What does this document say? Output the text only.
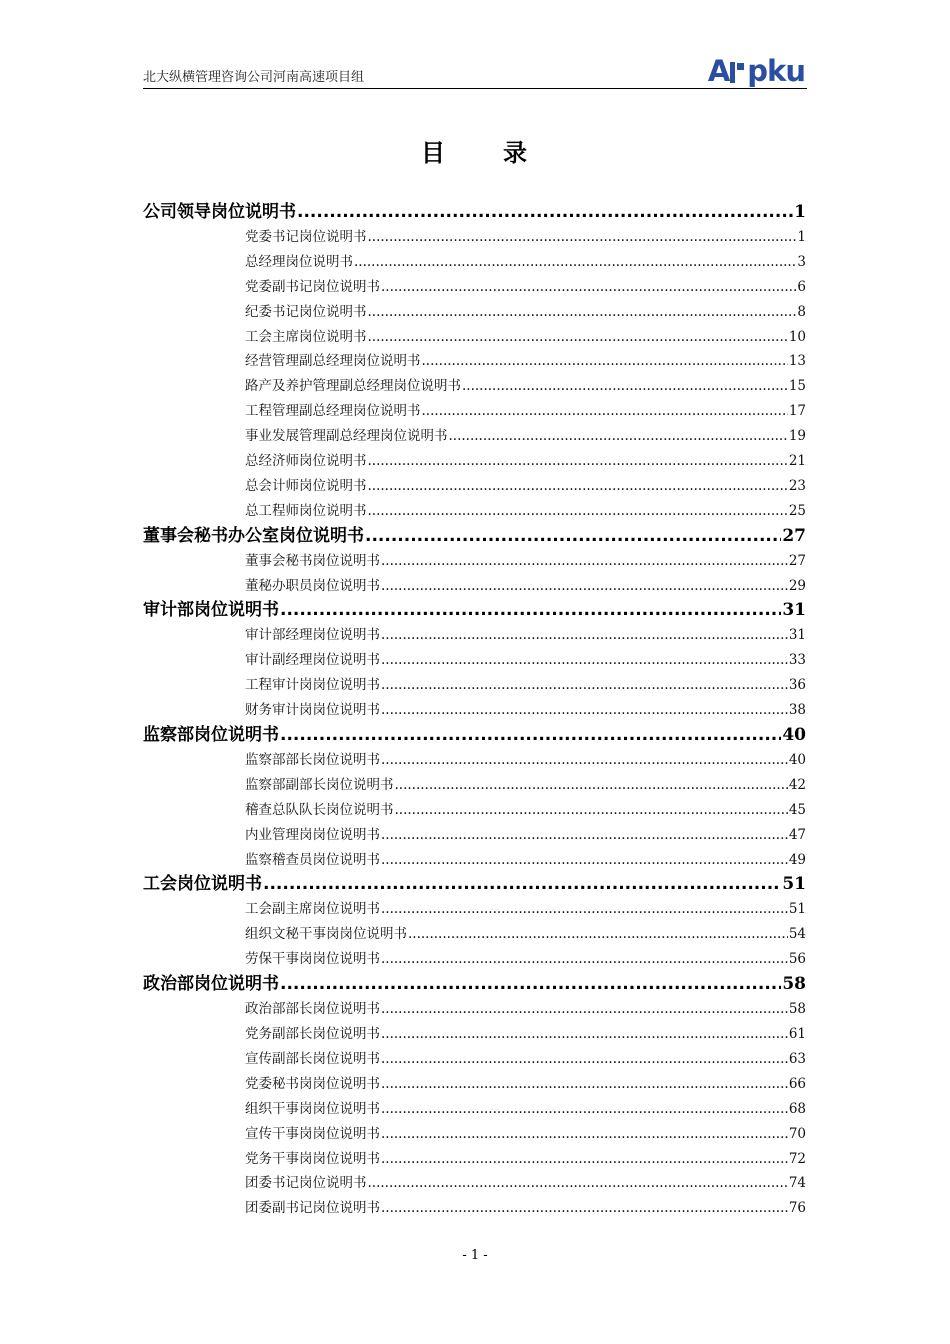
北大纵横管理咨询公司河南高速项目组	A pku
目 录
公司领导岗位说明书 .....	1
党委书记岗位说明书 .....	1
总经理岗位说明书 .....	3
党委副书记岗位说明书 .....	6
纪委书记岗位说明书 .....	8
工会主席岗位说明书 .....	10
经营管理副总经理岗位说明书 .....	13
路产及养护管理副总经理岗位说明书 .....	15
工程管理副总经理岗位说明书 .....	17
事业发展管理副总经理岗位说明书 .....	19
总经济师岗位说明书 .....	21
总会计师岗位说明书 .....	23
总工程师岗位说明书 .....	25
董事会秘书办公室岗位说明书 .....	27
董事会秘书岗位说明书 .....	27
董秘办职员岗位说明书 .....	29
审计部岗位说明书 .....	31
审计部经理岗位说明书 .....	31
审计副经理岗位说明书 .....	33
工程审计岗岗位说明书 .....	36
财务审计岗岗位说明书 .....	38
监察部岗位说明书 .....	40
监察部部长岗位说明书 .....	40
监察部副部长岗位说明书 .....	42
稽查总队队长岗位说明书 .....	45
内业管理岗岗位说明书 .....	47
监察稽查员岗位说明书 .....	49
工会岗位说明书 .....	51
工会副主席岗位说明书 .....	51
组织文秘干事岗岗位说明书 .....	54
劳保干事岗岗位说明书 .....	56
政治部岗位说明书 .....	58
政治部部长岗位说明书 .....	58
党务副部长岗位说明书 .....	61
宣传副部长岗位说明书 .....	63
党委秘书岗岗位说明书 .....	66
组织干事岗岗位说明书 .....	68
宣传干事岗岗位说明书 .....	70
党务干事岗岗位说明书 .....	72
团委书记岗位说明书 .....	74
团委副书记岗位说明书 .....	76
- 1 -
